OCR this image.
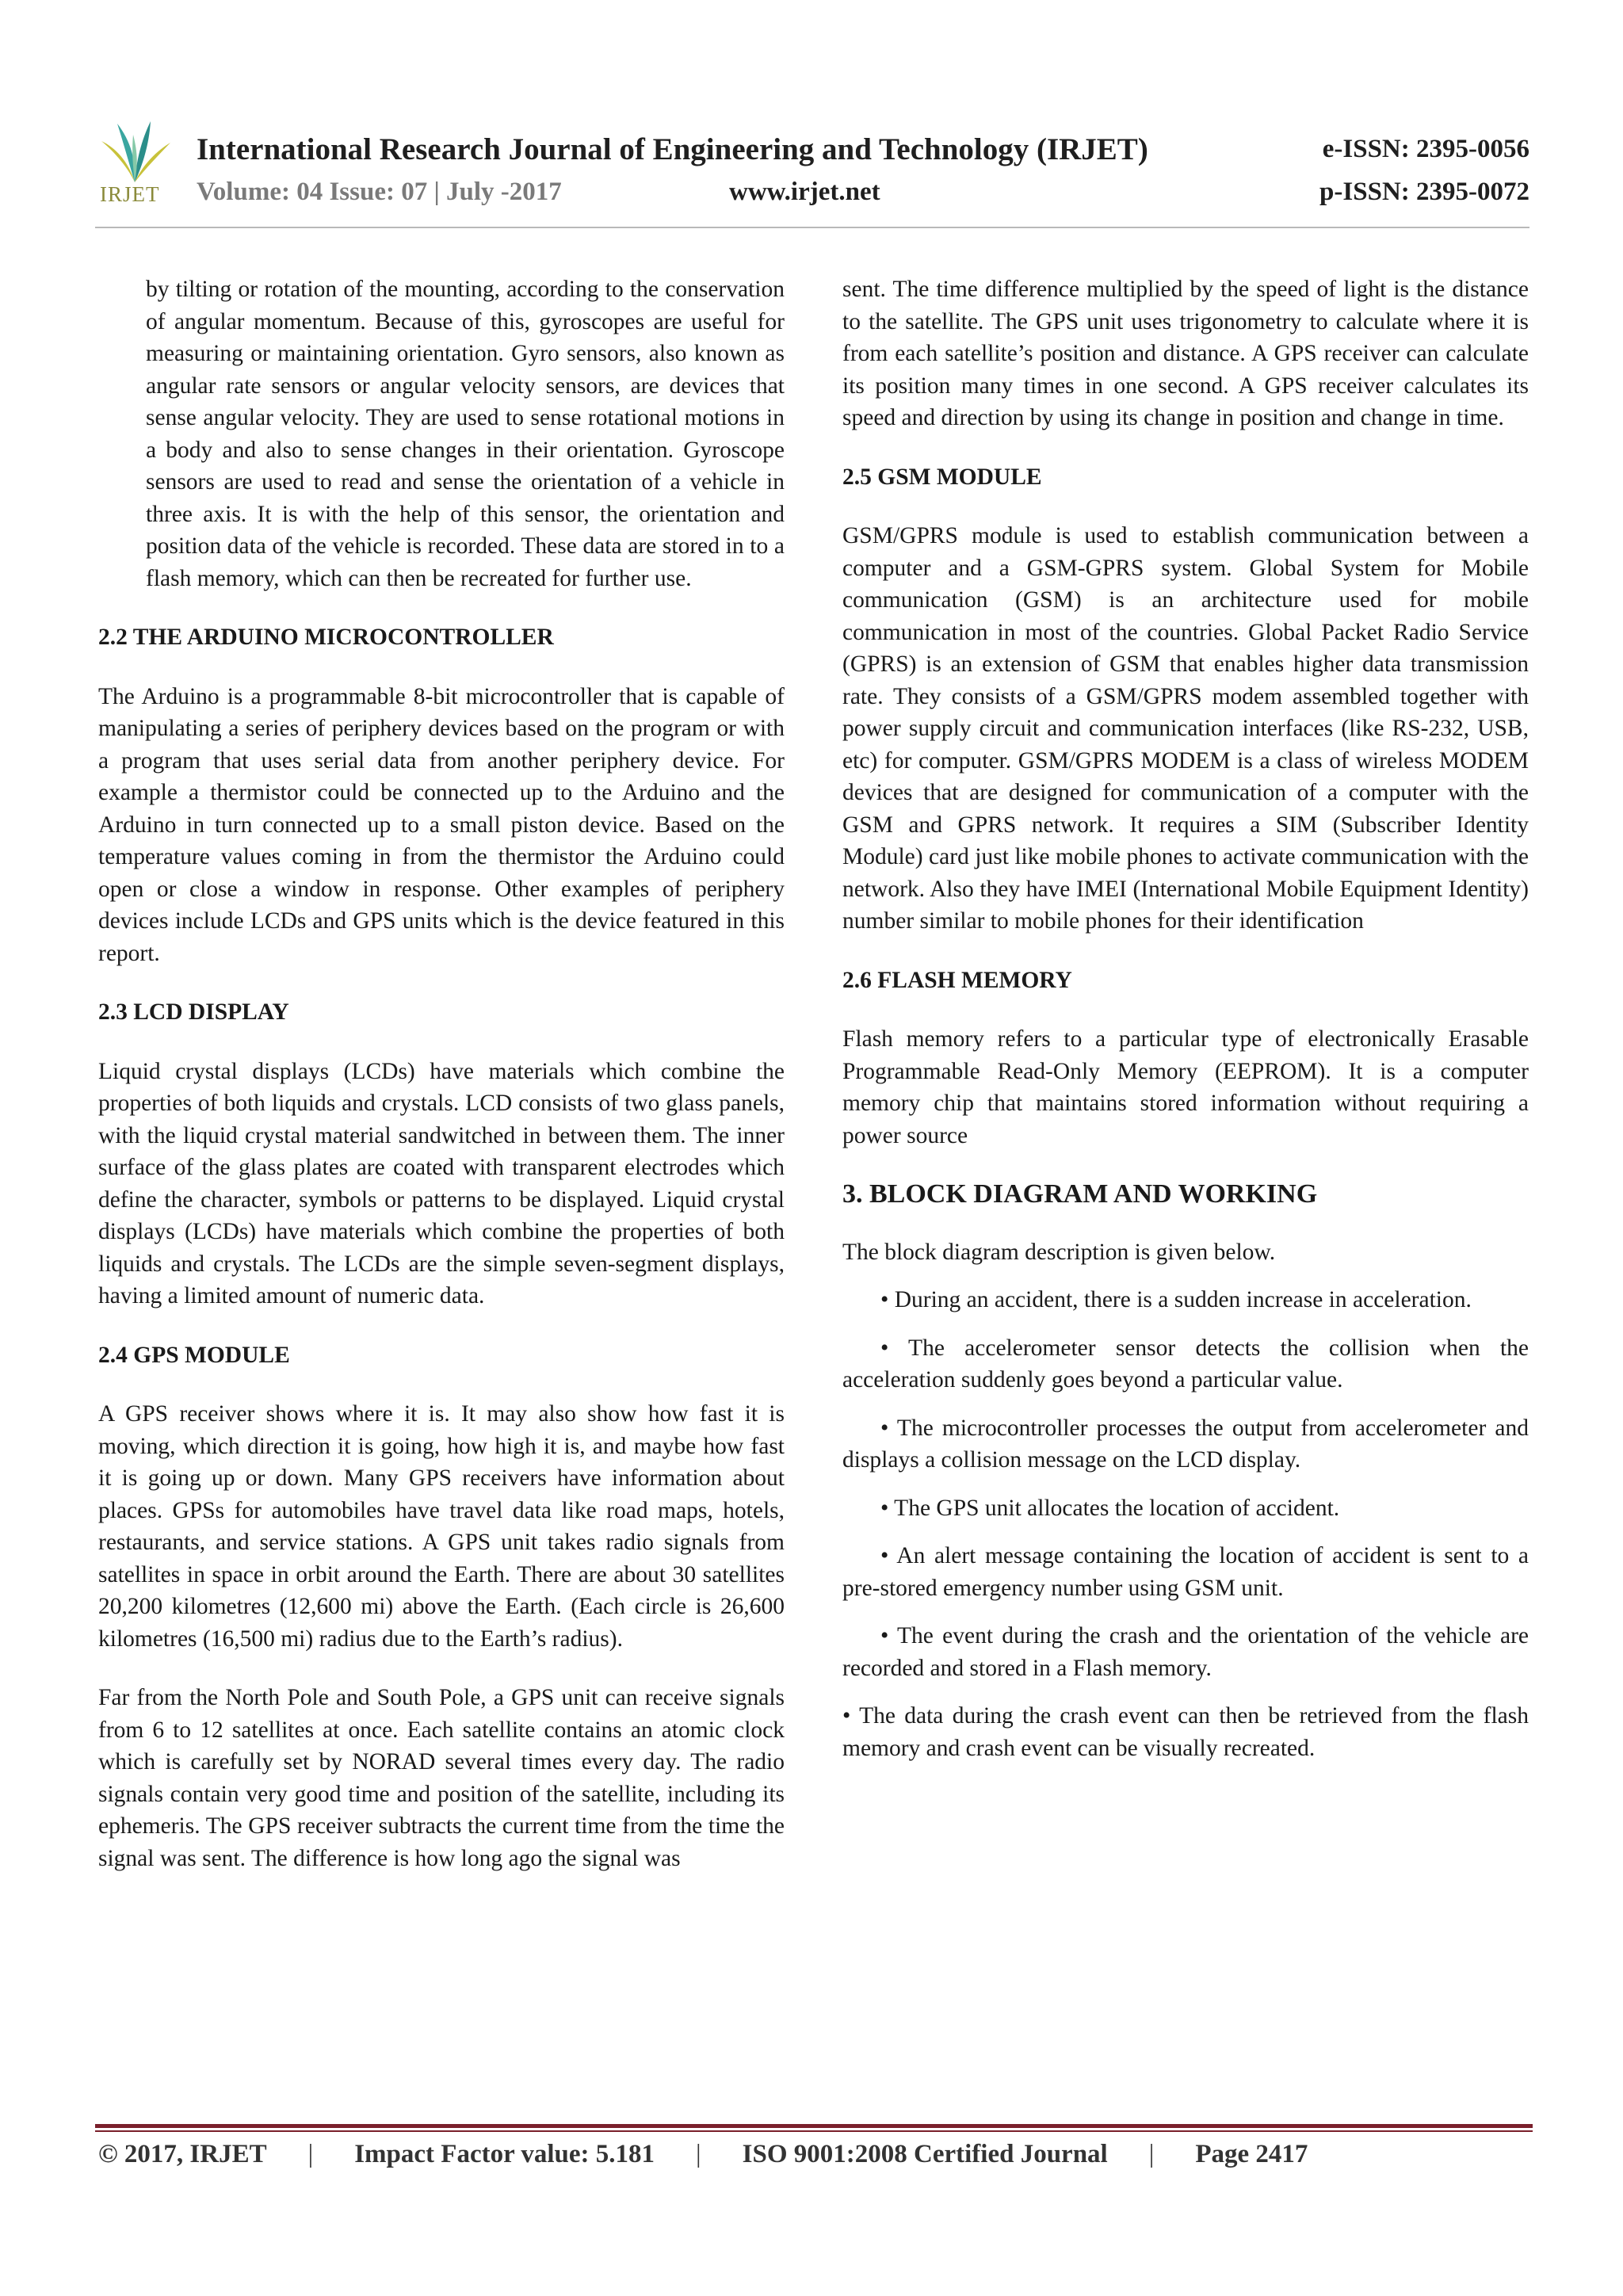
IRJET
International Research Journal of Engineering and Technology (IRJET)
Volume: 04 Issue: 07 | July -2017	www.irjet.net
e-ISSN: 2395-0056
p-ISSN: 2395-0072

by tilting or rotation of the mounting, according to the conservation of angular momentum. Because of this, gyroscopes are useful for measuring or maintaining orientation. Gyro sensors, also known as angular rate sensors or angular velocity sensors, are devices that sense angular velocity. They are used to sense rotational motions in a body and also to sense changes in their orientation. Gyroscope sensors are used to read and sense the orientation of a vehicle in three axis. It is with the help of this sensor, the orientation and position data of the vehicle is recorded. These data are stored in to a flash memory, which can then be recreated for further use.

2.2 THE ARDUINO MICROCONTROLLER

The Arduino is a programmable 8-bit microcontroller that is capable of manipulating a series of periphery devices based on the program or with a program that uses serial data from another periphery device. For example a thermistor could be connected up to the Arduino and the Arduino in turn connected up to a small piston device. Based on the temperature values coming in from the thermistor the Arduino could open or close a window in response. Other examples of periphery devices include LCDs and GPS units which is the device featured in this report.

2.3 LCD DISPLAY

Liquid crystal displays (LCDs) have materials which combine the properties of both liquids and crystals. LCD consists of two glass panels, with the liquid crystal material sandwitched in between them. The inner surface of the glass plates are coated with transparent electrodes which define the character, symbols or patterns to be displayed. Liquid crystal displays (LCDs) have materials which combine the properties of both liquids and crystals. The LCDs are the simple seven-segment displays, having a limited amount of numeric data.

2.4 GPS MODULE

A GPS receiver shows where it is. It may also show how fast it is moving, which direction it is going, how high it is, and maybe how fast it is going up or down. Many GPS receivers have information about places. GPSs for automobiles have travel data like road maps, hotels, restaurants, and service stations. A GPS unit takes radio signals from satellites in space in orbit around the Earth. There are about 30 satellites 20,200 kilometres (12,600 mi) above the Earth. (Each circle is 26,600 kilometres (16,500 mi) radius due to the Earth’s radius).

Far from the North Pole and South Pole, a GPS unit can receive signals from 6 to 12 satellites at once. Each satellite contains an atomic clock which is carefully set by NORAD several times every day. The radio signals contain very good time and position of the satellite, including its ephemeris. The GPS receiver subtracts the current time from the time the signal was sent. The difference is how long ago the signal was

sent. The time difference multiplied by the speed of light is the distance to the satellite. The GPS unit uses trigonometry to calculate where it is from each satellite’s position and distance. A GPS receiver can calculate its position many times in one second. A GPS receiver calculates its speed and direction by using its change in position and change in time.

2.5 GSM MODULE

GSM/GPRS module is used to establish communication between a computer and a GSM-GPRS system. Global System for Mobile communication (GSM) is an architecture used for mobile communication in most of the countries. Global Packet Radio Service (GPRS) is an extension of GSM that enables higher data transmission rate. They consists of a GSM/GPRS modem assembled together with power supply circuit and communication interfaces (like RS-232, USB, etc) for computer. GSM/GPRS MODEM is a class of wireless MODEM devices that are designed for communication of a computer with the GSM and GPRS network. It requires a SIM (Subscriber Identity Module) card just like mobile phones to activate communication with the network. Also they have IMEI (International Mobile Equipment Identity) number similar to mobile phones for their identification

2.6 FLASH MEMORY

Flash memory refers to a particular type of electronically Erasable Programmable Read-Only Memory (EEPROM). It is a computer memory chip that maintains stored information without requiring a power source

3. BLOCK DIAGRAM AND WORKING

The block diagram description is given below.

• During an accident, there is a sudden increase in acceleration.

• The accelerometer sensor detects the collision when the acceleration suddenly goes beyond a particular value.

• The microcontroller processes the output from accelerometer and displays a collision message on the LCD display.

• The GPS unit allocates the location of accident.

• An alert message containing the location of accident is sent to a pre-stored emergency number using GSM unit.

• The event during the crash and the orientation of the vehicle are recorded and stored in a Flash memory.

• The data during the crash event can then be retrieved from the flash memory and crash event can be visually recreated.

© 2017, IRJET | Impact Factor value: 5.181 | ISO 9001:2008 Certified Journal | Page 2417
